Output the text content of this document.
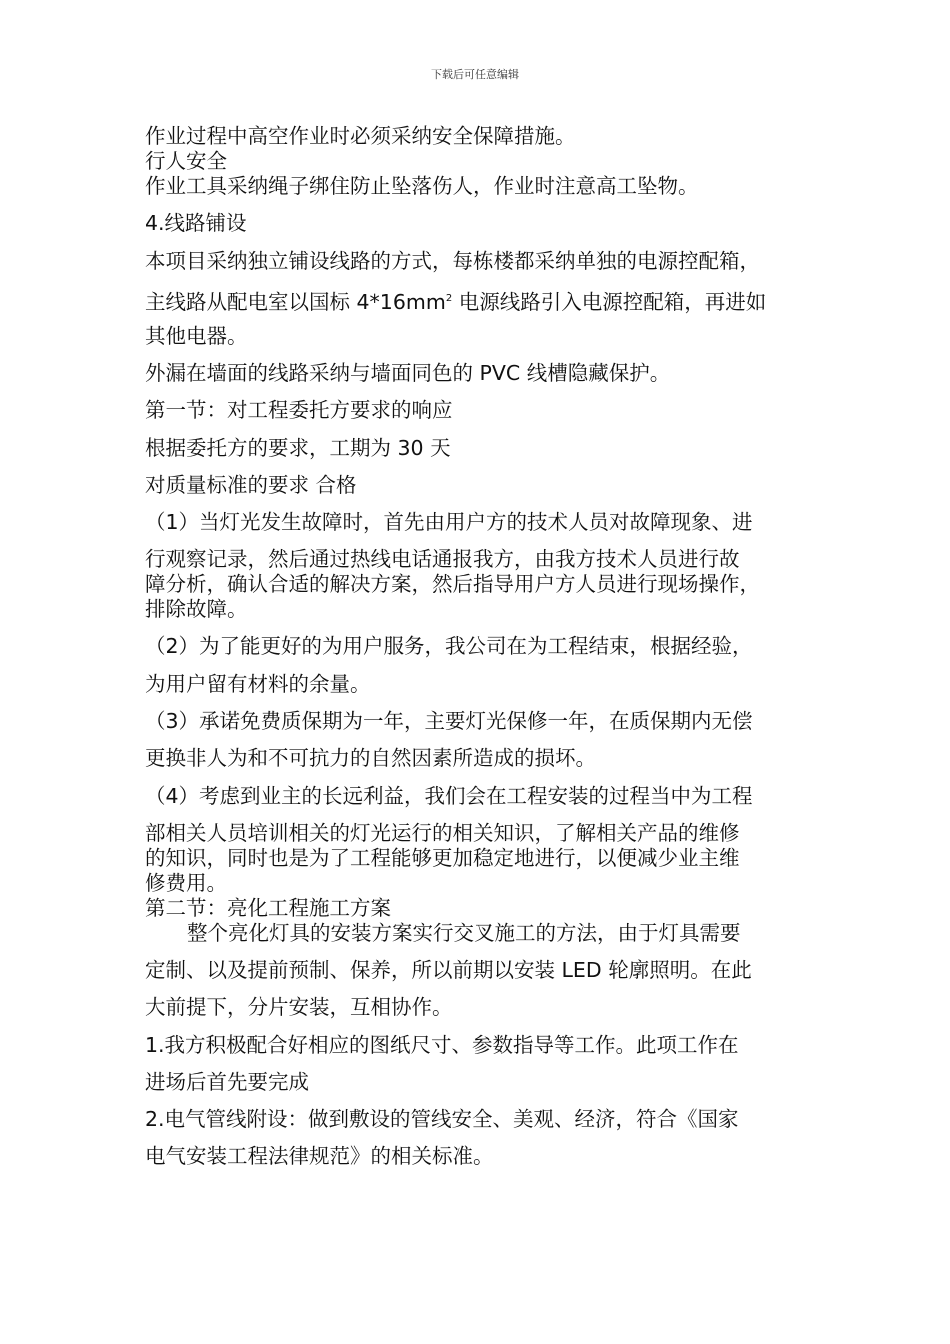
下载后可任意编辑
作业过程中高空作业时必须采纳安全保障措施。
行人安全
作业工具采纳绳子绑住防止坠落伤人，作业时注意高工坠物。
4.线路铺设
本项目采纳独立铺设线路的方式，每栋楼都采纳单独的电源控配箱，
主线路从配电室以国标 $4*16mm^2$ 电源线路引入电源控配箱，再进如
其他电器。
外漏在墙面的线路采纳与墙面同色的 PVC 线槽隐藏保护。
第一节：对工程委托方要求的响应
根据委托方的要求，工期为 30 天
对质量标准的要求 合格
（1）当灯光发生故障时，首先由用户方的技术人员对故障现象、进
行观察记录，然后通过热线电话通报我方，由我方技术人员进行故
障分析，确认合适的解决方案，然后指导用户方人员进行现场操作，
排除故障。
（2）为了能更好的为用户服务，我公司在为工程结束，根据经验，
为用户留有材料的余量。
（3）承诺免费质保期为一年，主要灯光保修一年，在质保期内无偿
更换非人为和不可抗力的自然因素所造成的损坏。
（4）考虑到业主的长远利益，我们会在工程安装的过程当中为工程
部相关人员培训相关的灯光运行的相关知识，了解相关产品的维修
的知识，同时也是为了工程能够更加稳定地进行，以便减少业主维
修费用。
第二节：亮化工程施工方案
整个亮化灯具的安装方案实行交叉施工的方法，由于灯具需要
定制、以及提前预制、保养，所以前期以安装 LED 轮廓照明。在此
大前提下，分片安装，互相协作。
1.我方积极配合好相应的图纸尺寸、参数指导等工作。此项工作在
进场后首先要完成
2.电气管线附设：做到敷设的管线安全、美观、经济，符合《国家
电气安装工程法律规范》的相关标准。
